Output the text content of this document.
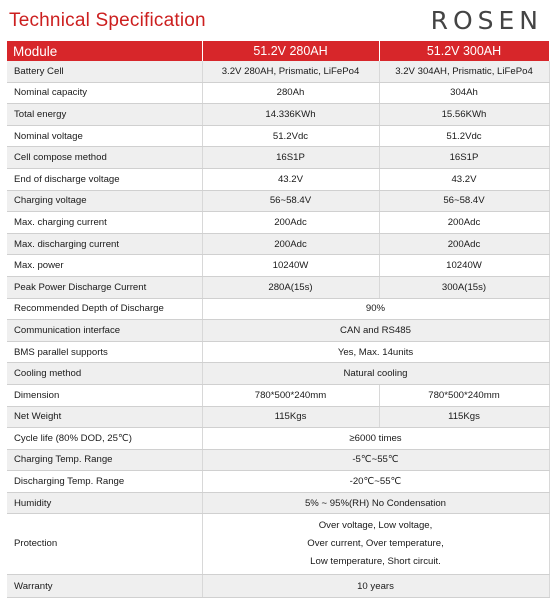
Technical Specification	ROSEN
Module	51.2V 280AH	51.2V 300AH
Battery Cell	3.2V 280AH, Prismatic, LiFePo4	3.2V 304AH, Prismatic, LiFePo4
Nominal capacity	280Ah	304Ah
Total energy	14.336KWh	15.56KWh
Nominal voltage	51.2Vdc	51.2Vdc
Cell compose method	16S1P	16S1P
End of discharge voltage	43.2V	43.2V
Charging voltage	56~58.4V	56~58.4V
Max. charging current	200Adc	200Adc
Max. discharging current	200Adc	200Adc
Max. power	10240W	10240W
Peak Power Discharge Current	280A(15s)	300A(15s)
Recommended Depth of Discharge	90%	
Communication interface	CAN and RS485	
BMS parallel supports	Yes, Max. 14units	
Cooling method	Natural cooling	
Dimension	780*500*240mm	780*500*240mm
Net Weight	115Kgs	115Kgs
Cycle life (80% DOD, 25℃)	≥6000 times	
Charging Temp. Range	-5℃~55℃	
Discharging Temp. Range	-20℃~55℃	
Humidity	5% ~ 95%(RH) No Condensation	
Protection	Over voltage, Low voltage,
Over current, Over temperature,
Low temperature, Short circuit.	

Warranty	10 years	
